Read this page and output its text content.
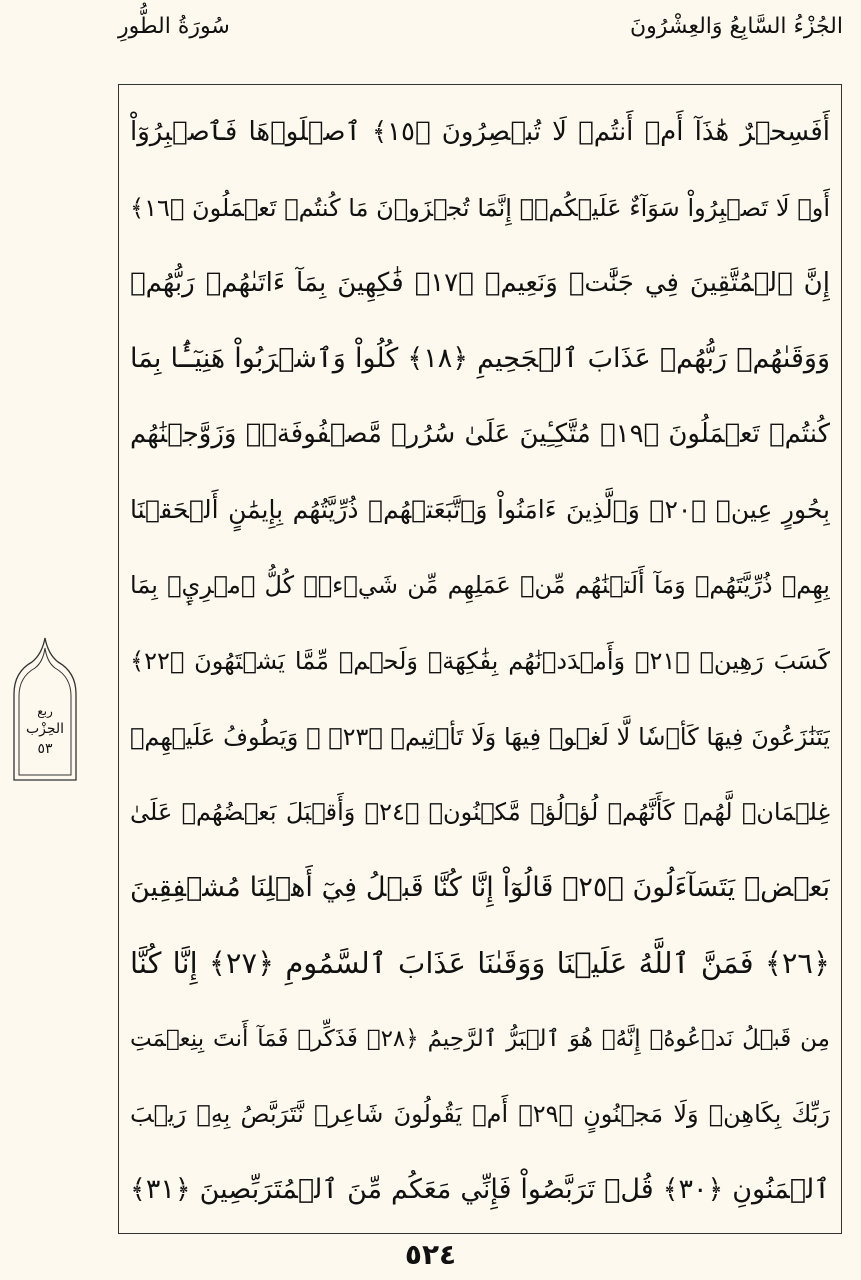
سُورَةُ الطُّورِ	الجُزْءُ السَّابِعُ وَالعِشْرُونَ
ربع
الحِزْب
٥٣
أَفَسِحۡرٌ هَٰذَآ أَمۡ أَنتُمۡ لَا تُبۡصِرُونَ ﴿١٥﴾ ٱصۡلَوۡهَا فَٱصۡبِرُوٓاْ
أَوۡ لَا تَصۡبِرُواْ سَوَآءٌ عَلَيۡكُمۡۖ إِنَّمَا تُجۡزَوۡنَ مَا كُنتُمۡ تَعۡمَلُونَ ﴿١٦﴾
إِنَّ ٱلۡمُتَّقِينَ فِي جَنَّٰتٖ وَنَعِيمٖ ﴿١٧﴾ فَٰكِهِينَ بِمَآ ءَاتَىٰهُمۡ رَبُّهُمۡ
وَوَقَىٰهُمۡ رَبُّهُمۡ عَذَابَ ٱلۡجَحِيمِ ﴿١٨﴾ كُلُواْ وَٱشۡرَبُواْ هَنِيٓـَٔۢا بِمَا
كُنتُمۡ تَعۡمَلُونَ ﴿١٩﴾ مُتَّكِـِٔينَ عَلَىٰ سُرُرٖ مَّصۡفُوفَةٖۖ وَزَوَّجۡنَٰهُم
بِحُورٍ عِينٖ ﴿٢٠﴾ وَٱلَّذِينَ ءَامَنُواْ وَٱتَّبَعَتۡهُمۡ ذُرِّيَّتُهُم بِإِيمَٰنٍ أَلۡحَقۡنَا
بِهِمۡ ذُرِّيَّتَهُمۡ وَمَآ أَلَتۡنَٰهُم مِّنۡ عَمَلِهِم مِّن شَيۡءٖۚ كُلُّ ٱمۡرِيِٕۭ بِمَا
كَسَبَ رَهِينٞ ﴿٢١﴾ وَأَمۡدَدۡنَٰهُم بِفَٰكِهَةٖ وَلَحۡمٖ مِّمَّا يَشۡتَهُونَ ﴿٢٢﴾
يَتَنَٰزَعُونَ فِيهَا كَأۡسٗا لَّا لَغۡوٞ فِيهَا وَلَا تَأۡثِيمٞ ﴿٢٣﴾ ۞ وَيَطُوفُ عَلَيۡهِمۡ
غِلۡمَانٞ لَّهُمۡ كَأَنَّهُمۡ لُؤۡلُؤٞ مَّكۡنُونٞ ﴿٢٤﴾ وَأَقۡبَلَ بَعۡضُهُمۡ عَلَىٰ
بَعۡضٖ يَتَسَآءَلُونَ ﴿٢٥﴾ قَالُوٓاْ إِنَّا كُنَّا قَبۡلُ فِيٓ أَهۡلِنَا مُشۡفِقِينَ
﴿٢٦﴾ فَمَنَّ ٱللَّهُ عَلَيۡنَا وَوَقَىٰنَا عَذَابَ ٱلسَّمُومِ ﴿٢٧﴾ إِنَّا كُنَّا
مِن قَبۡلُ نَدۡعُوهُۖ إِنَّهُۥ هُوَ ٱلۡبَرُّ ٱلرَّحِيمُ ﴿٢٨﴾ فَذَكِّرۡ فَمَآ أَنتَ بِنِعۡمَتِ
رَبِّكَ بِكَاهِنٖ وَلَا مَجۡنُونٍ ﴿٢٩﴾ أَمۡ يَقُولُونَ شَاعِرٞ نَّتَرَبَّصُ بِهِۦ رَيۡبَ
ٱلۡمَنُونِ ﴿٣٠﴾ قُلۡ تَرَبَّصُواْ فَإِنِّي مَعَكُم مِّنَ ٱلۡمُتَرَبِّصِينَ ﴿٣١﴾
٥٢٤
